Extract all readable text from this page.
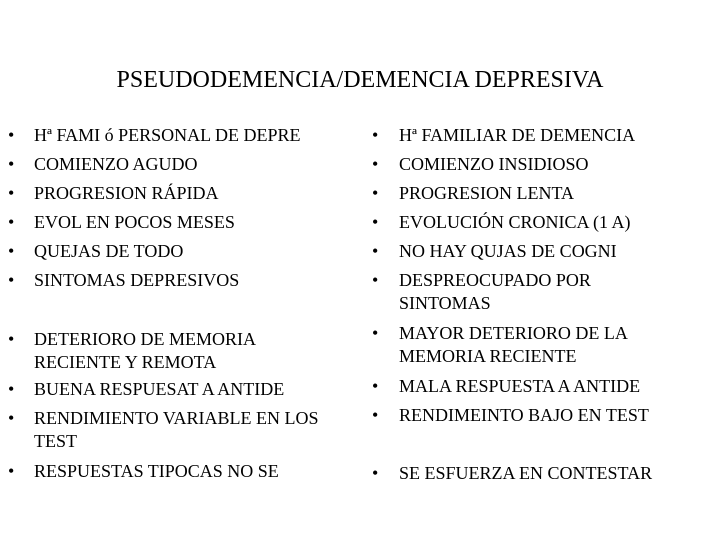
PSEUDODEMENCIA/DEMENCIA DEPRESIVA
•	Hª FAMI ó PERSONAL DE DEPRE
•	COMIENZO AGUDO
•	PROGRESION RÁPIDA
•	EVOL EN POCOS MESES
•	QUEJAS DE TODO
•	SINTOMAS DEPRESIVOS
•	DETERIORO DE MEMORIA RECIENTE Y REMOTA
•	BUENA RESPUESAT A ANTIDE
•	RENDIMIENTO VARIABLE EN LOS TEST
•	RESPUESTAS TIPOCAS NO SE
•	Hª FAMILIAR DE DEMENCIA
•	COMIENZO INSIDIOSO
•	PROGRESION LENTA
•	EVOLUCIÓN CRONICA (1 A)
•	NO HAY QUJAS DE COGNI
•	DESPREOCUPADO POR SINTOMAS
•	MAYOR DETERIORO DE LA MEMORIA RECIENTE
•	MALA RESPUESTA A ANTIDE
•	RENDIMEINTO BAJO EN TEST
•	SE ESFUERZA EN CONTESTAR
